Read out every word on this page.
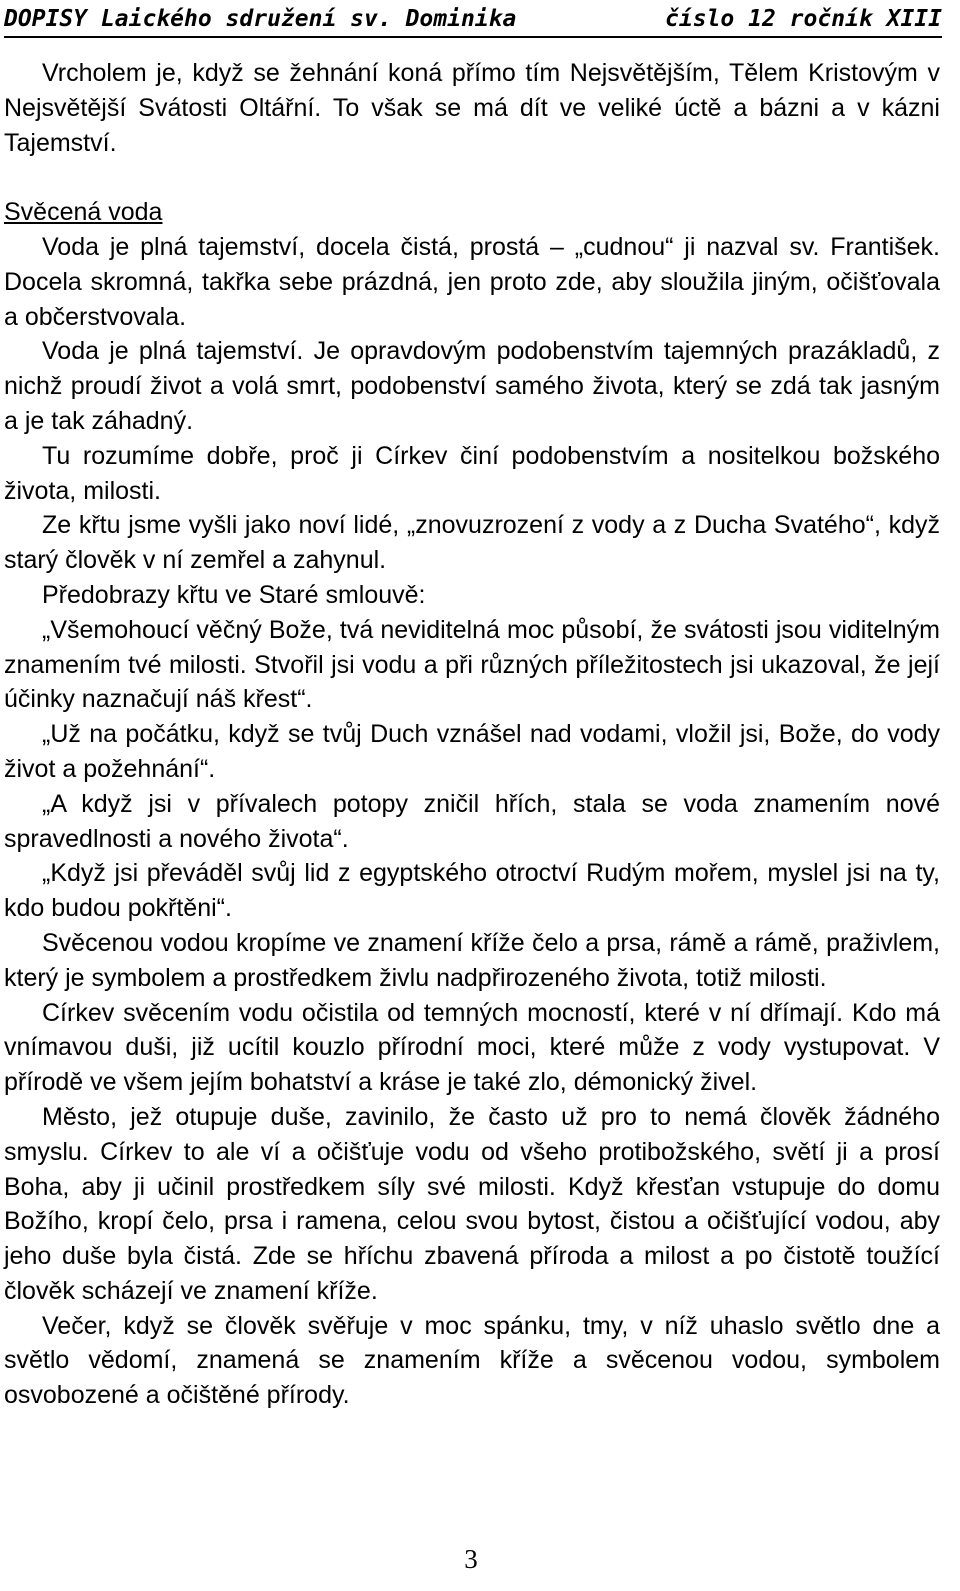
DOPISY Laického sdružení sv. Dominika	číslo 12 ročník XIII

Vrcholem je, když se žehnání koná přímo tím Nejsvětějším, Tělem Kristovým v Nejsvětější Svátosti Oltářní. To však se má dít ve veliké úctě a bázni a v kázni Tajemství.

Svěcená voda

Voda je plná tajemství, docela čistá, prostá – „cudnou“ ji nazval sv. František. Docela skromná, takřka sebe prázdná, jen proto zde, aby sloužila jiným, očišťovala a občerstvovala.

Voda je plná tajemství. Je opravdovým podobenstvím tajemných prazákladů, z nichž proudí život a volá smrt, podobenství samého života, který se zdá tak jasným a je tak záhadný.

Tu rozumíme dobře, proč ji Církev činí podobenstvím a nositelkou božského života, milosti.

Ze křtu jsme vyšli jako noví lidé, „znovuzrození z vody a z Ducha Svatého“, když starý člověk v ní zemřel a zahynul.

Předobrazy křtu ve Staré smlouvě:

„Všemohoucí věčný Bože, tvá neviditelná moc působí, že svátosti jsou viditelným znamením tvé milosti. Stvořil jsi vodu a při různých příležitostech jsi ukazoval, že její účinky naznačují náš křest“.

„Už na počátku, když se tvůj Duch vznášel nad vodami, vložil jsi, Bože, do vody život a požehnání“.

„A když jsi v přívalech potopy zničil hřích, stala se voda znamením nové spravedlnosti a nového života“.

„Když jsi převáděl svůj lid z egyptského otroctví Rudým mořem, myslel jsi na ty, kdo budou pokřtěni“.

Svěcenou vodou kropíme ve znamení kříže čelo a prsa, rámě a rámě, praživlem, který je symbolem a prostředkem živlu nadpřirozeného života, totiž milosti.

Církev svěcením vodu očistila od temných mocností, které v ní dřímají. Kdo má vnímavou duši, již ucítil kouzlo přírodní moci, které může z vody vystupovat. V přírodě ve všem jejím bohatství a kráse je také zlo, démonický živel.

Město, jež otupuje duše, zavinilo, že často už pro to nemá člověk žádného smyslu. Církev to ale ví a očišťuje vodu od všeho protibožského, světí ji a prosí Boha, aby ji učinil prostředkem síly své milosti. Když křesťan vstupuje do domu Božího, kropí čelo, prsa i ramena, celou svou bytost, čistou a očišťující vodou, aby jeho duše byla čistá. Zde se hříchu zbavená příroda a milost a po čistotě toužící člověk scházejí ve znamení kříže.

Večer, když se člověk svěřuje v moc spánku, tmy, v níž uhaslo světlo dne a světlo vědomí, znamená se znamením kříže a svěcenou vodou, symbolem osvobozené a očištěné přírody.

3
